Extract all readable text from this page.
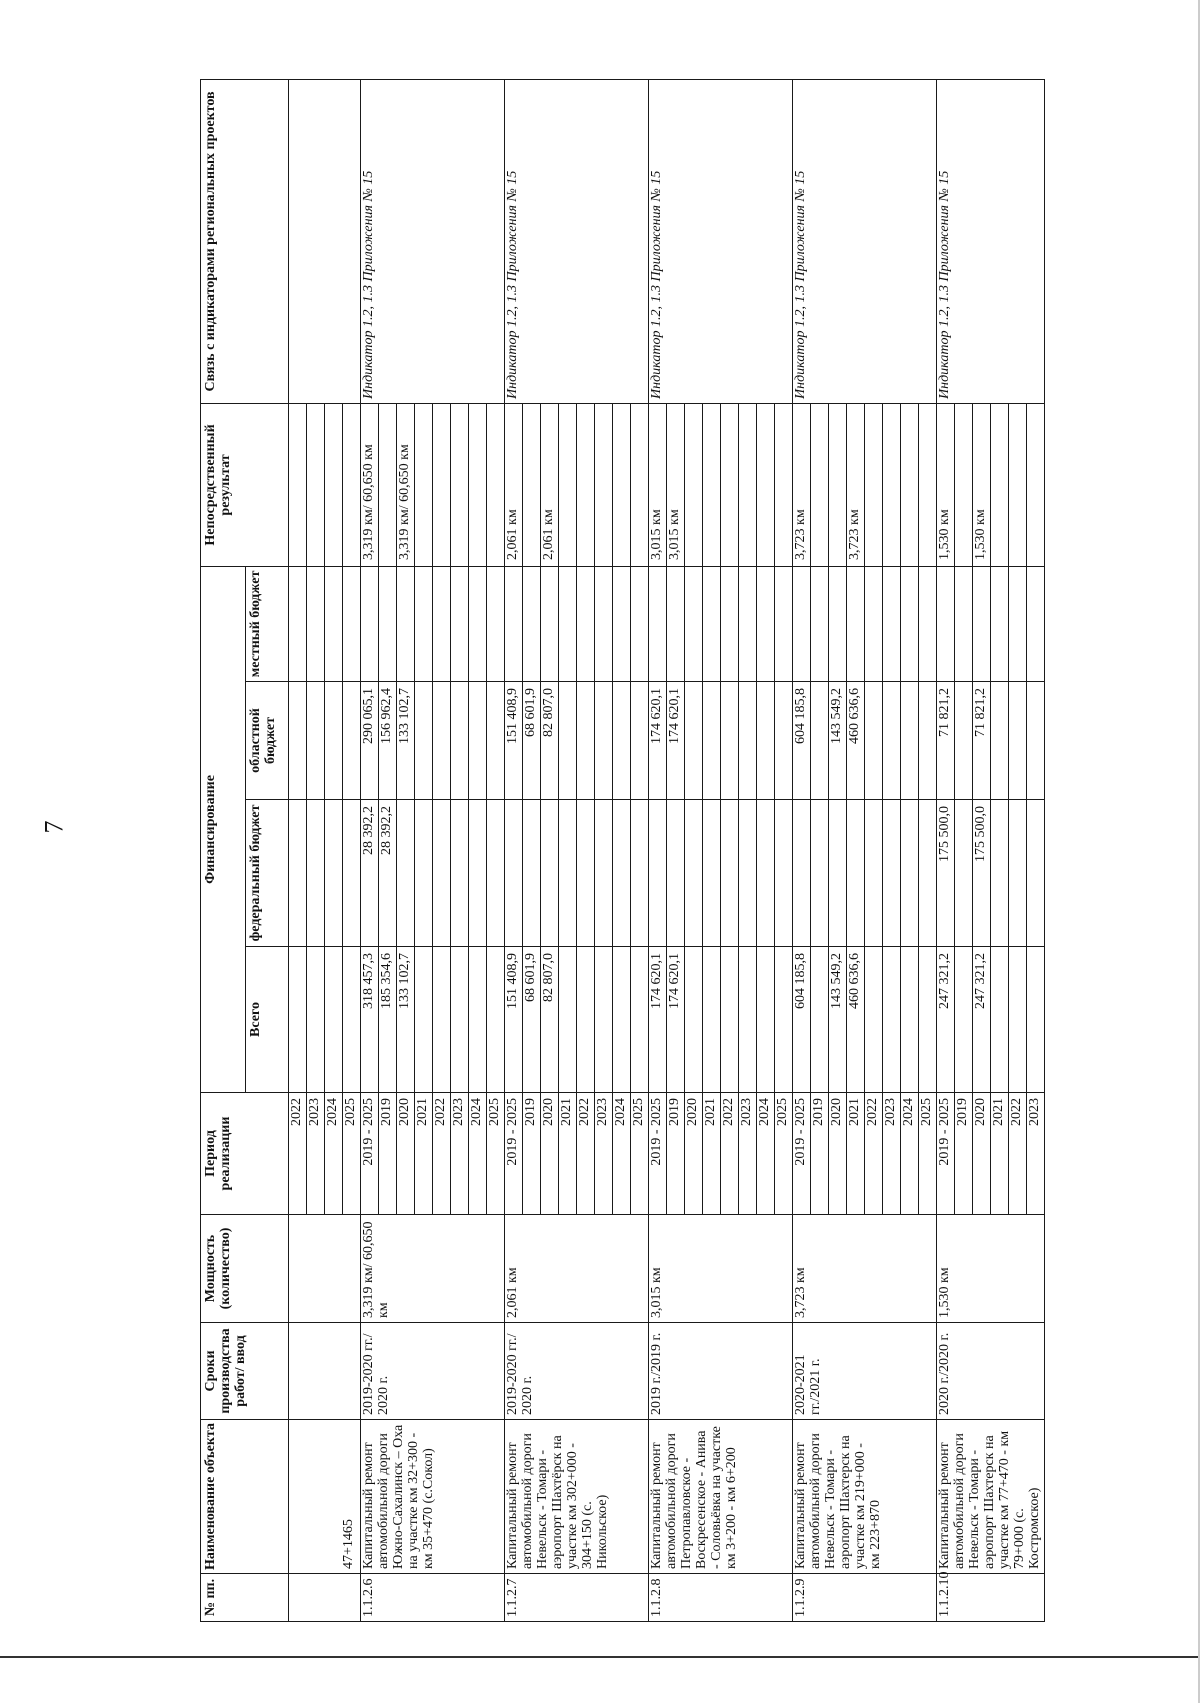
7
№ пп.	Наименование объекта	Сроки производства работ/ ввод	Мощность (количество)	Период реализации	Финансирование				Непосредственный результат	Связь с индикаторами региональных проектов
					Всего	федеральный бюджет	областной бюджет	местный бюджет		
	47+1465			2022						
				2023						
				2024						
				2025						
1.1.2.6	Капитальный ремонт автомобильной дороги Южно-Сахалинск – Оха на участке км 32+300 - км 35+470 (с.Сокол)	2019-2020 гг./ 2020 г.	3,319 км/ 60,650 км	2019 - 2025	318 457,3	28 392,2	290 065,1		3,319 км/ 60,650 км	Индикатор 1.2, 1.3 Приложения № 15
				2019	185 354,6	28 392,2	156 962,4			
				2020	133 102,7		133 102,7		3,319 км/ 60,650 км	
				2021						
				2022						
				2023						
				2024						
				2025						
1.1.2.7	Капитальный ремонт автомобильной дороги Невельск - Томари - аэропорт Шахтёрск на участке км 302+000 - 304+150 (с. Никольское)	2019-2020 гг./ 2020 г.	2,061 км	2019 - 2025	151 408,9		151 408,9		2,061 км	Индикатор 1.2, 1.3 Приложения № 15
				2019	68 601,9		68 601,9			
				2020	82 807,0		82 807,0		2,061 км	
				2021						
				2022						
				2023						
				2024						
				2025						
1.1.2.8	Капитальный ремонт автомобильной дороги Петропавловское - Воскресенское - Анива - Соловьёвка на участке км 3+200 - км 6+200	2019 г./2019 г.	3,015 км	2019 - 2025	174 620,1		174 620,1		3,015 км	Индикатор 1.2, 1.3 Приложения № 15
				2019	174 620,1		174 620,1		3,015 км	
				2020						
				2021						
				2022						
				2023						
				2024						
				2025						
1.1.2.9	Капитальный ремонт автомобильной дороги Невельск - Томари - аэропорт Шахтерск на участке км 219+000 - км 223+870	2020-2021 гг./2021 г.	3,723 км	2019 - 2025	604 185,8		604 185,8		3,723 км	Индикатор 1.2, 1.3 Приложения № 15
				2019						
				2020	143 549,2		143 549,2			
				2021	460 636,6		460 636,6		3,723 км	
				2022						
				2023						
				2024						
				2025						
1.1.2.10	Капитальный ремонт автомобильной дороги Невельск - Томари - аэропорт Шахтерск на участке км 77+470 - км 79+000 (с. Костромское)	2020 г./2020 г.	1,530 км	2019 - 2025	247 321,2	175 500,0	71 821,2		1,530 км	Индикатор 1.2, 1.3 Приложения № 15
				2019						
				2020	247 321,2	175 500,0	71 821,2		1,530 км	
				2021						
				2022						
				2023						
